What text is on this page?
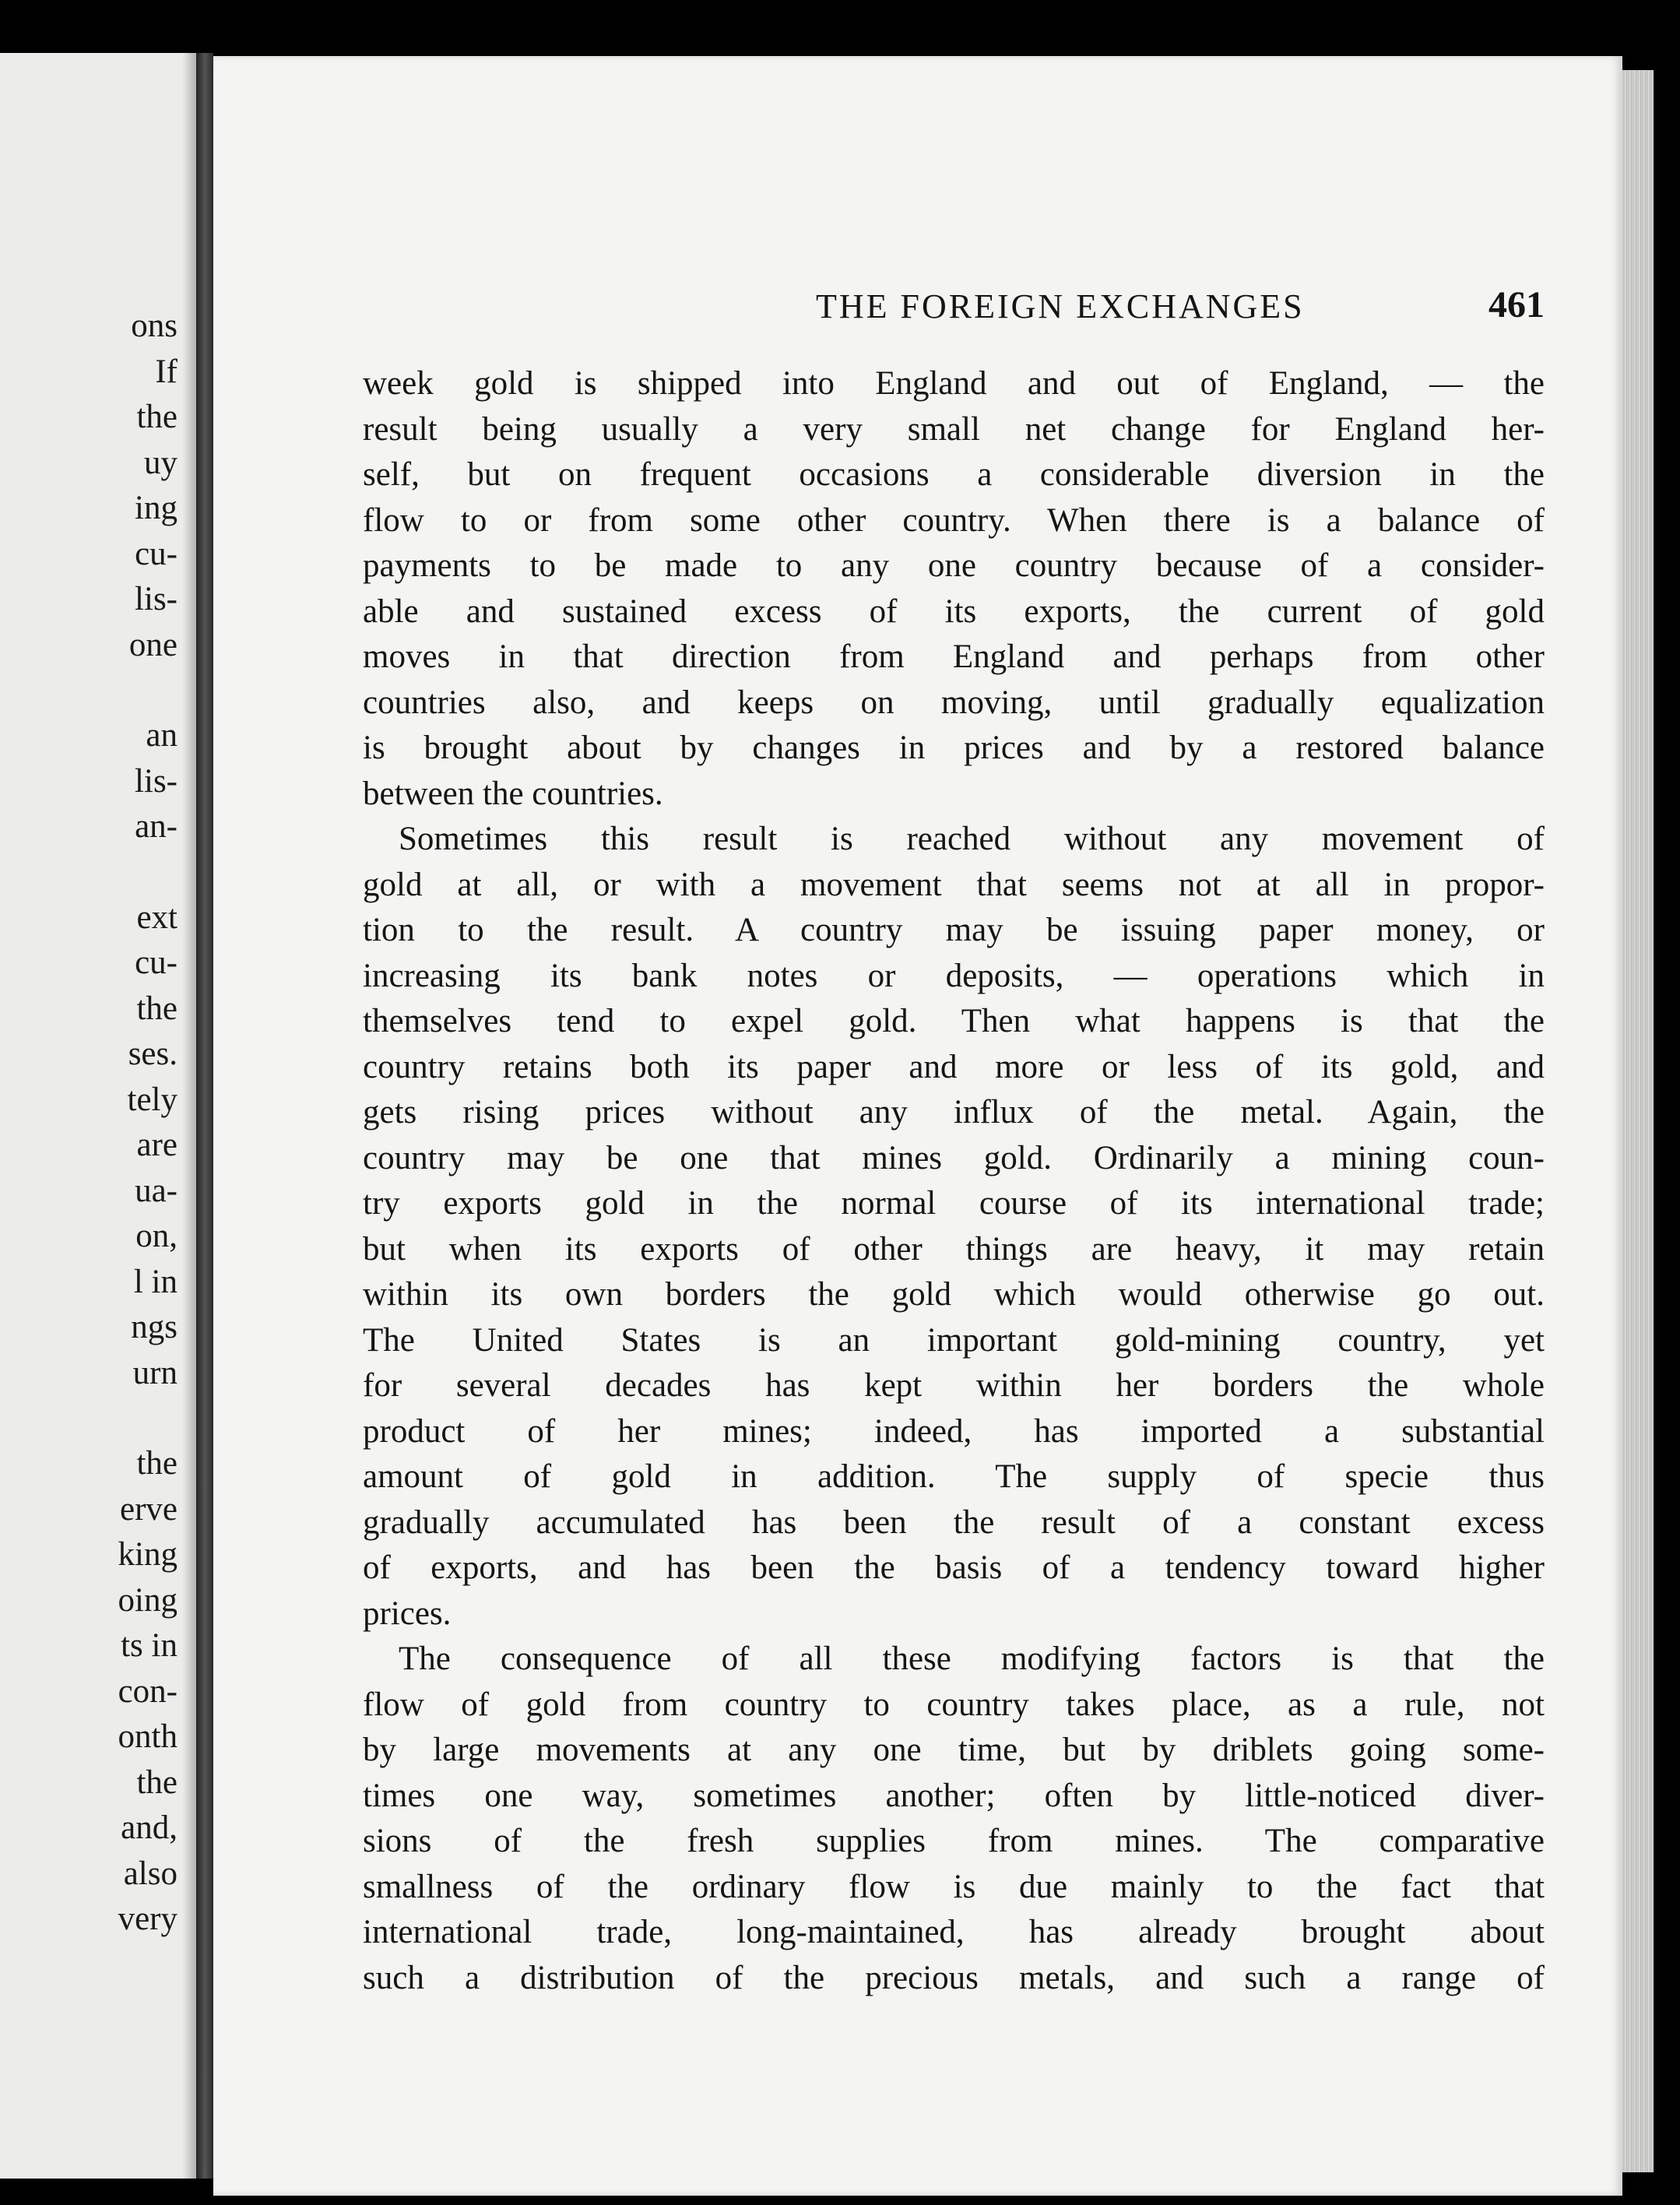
ons
If
the
uy
ing
cu-
lis-
one
an
lis-
an-
ext
cu-
the
ses.
tely
are
ua-
on,
l in
ngs
urn
the
erve
king
oing
ts in
con-
onth
the
and,
also
very
THE FOREIGN EXCHANGES	461
week gold is shipped into England and out of England, — the
result being usually a very small net change for England her-
self, but on frequent occasions a considerable diversion in the
flow to or from some other country. When there is a balance of
payments to be made to any one country because of a consider-
able and sustained excess of its exports, the current of gold
moves in that direction from England and perhaps from other
countries also, and keeps on moving, until gradually equalization
is brought about by changes in prices and by a restored balance
between the countries.
Sometimes this result is reached without any movement of
gold at all, or with a movement that seems not at all in propor-
tion to the result. A country may be issuing paper money, or
increasing its bank notes or deposits, — operations which in
themselves tend to expel gold. Then what happens is that the
country retains both its paper and more or less of its gold, and
gets rising prices without any influx of the metal. Again, the
country may be one that mines gold. Ordinarily a mining coun-
try exports gold in the normal course of its international trade;
but when its exports of other things are heavy, it may retain
within its own borders the gold which would otherwise go out.
The United States is an important gold-mining country, yet
for several decades has kept within her borders the whole
product of her mines; indeed, has imported a substantial
amount of gold in addition. The supply of specie thus
gradually accumulated has been the result of a constant excess
of exports, and has been the basis of a tendency toward higher
prices.
The consequence of all these modifying factors is that the
flow of gold from country to country takes place, as a rule, not
by large movements at any one time, but by driblets going some-
times one way, sometimes another; often by little-noticed diver-
sions of the fresh supplies from mines. The comparative
smallness of the ordinary flow is due mainly to the fact that
international trade, long-maintained, has already brought about
such a distribution of the precious metals, and such a range of
